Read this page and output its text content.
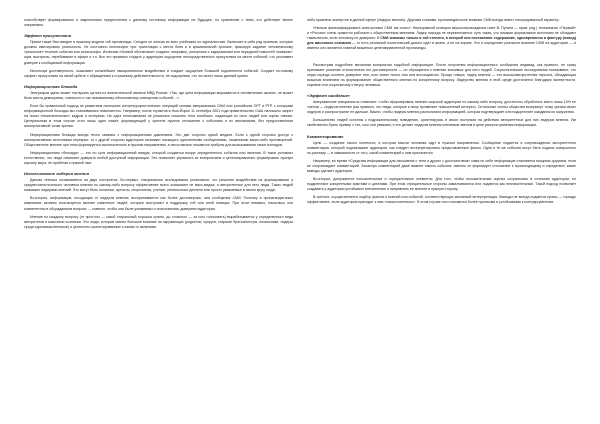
способствует формированию и закреплению предпочтения к данному источнику информации на будущее, по сравнению с теми, кто действует менее оперативно.

Эффект присутствия

Прием также был введен в практику модели той пропаганды. Сегодня он описан во всех учебниках по журналистике. Включает в себя ряд приемов, которые должны имитировать реальность. Их постоянно используют при трансляции с места боев и в криминальной хронике, фиксируя задание человеческому «реальное» течение события или катастрофы. Иллюзию «боевой обстановки» создают, например, репортажи с задержанием или передачей новостей «живьем»: шум, выстрелы, перебивание в эфире и т.п. Все это призвано создать у аудитории ощущение непосредственного присутствия на месте событий, что усиливает доверие к сообщаемой информации.

Используя достоверность, оказывает сильнейшее эмоциональное воздействие и создает ощущение большей подлинности событий. Создает по-новому эффект присутствия на своей орбите с обращением к страшному действительности, не подозревая, что это всего лишь данный прием.

Информационная блокада

Эпиграфом здесь может послужить цитата из аналитической записки МВД России: «Так, где цена информации выражается в человеческих жизнях, не может быть места демократии, гласности и так называемому объективному освещению событий…».

Если бы правильный подход за развитием нынешних контртеррористических операций силами американских СМИ или российских ОРТ и РТР, с которыми информационной блокады мы сталкиваемся повсеместно. Например, после терактов в Нью-Йорке 11 сентября 2001 года правительство США наложило запрет на показ «нежелательных» кадров и интервью. Ни одна телекомпания не решилась показать тела погибших, падающих из окон людей или сцены паники. Центральным в этом случае стал лишь один сюжет, формирующий у зрителя нужное отношение к событиям и их виновникам, без предоставления альтернативной точки зрения.

Информационная блокада всегда тесно связана с информационным давлением. Это две стороны одной медали. Если с одной стороны доступ к альтернативным источникам перекрыт, то с другой стороны аудиторию начинают насыщать однотипными сообщениями, лишенными каких-либо противоречий. Общественное мнение при этом формируется исключительно в нужном направлении, а несогласные лишаются трибуны для высказывания своих взглядов.

Информационная «блокада» — это по сути информационный вакуум, который создается вокруг определенного события или явления. В таких условиях естественно, что люди начинают доверять любой доступной информации. Это позволяет управлять их восприятием и целенаправленно формировать нужную картину мира, не прибегая к прямой лжи.

Использование лидеров мнения

Данная техника основывается на двух постулатах. Во-первых, специальные исследования установили, что решение воздействия на формирование у среднестатистического человека мнения по какому-либо вопросу эффективнее всего оказывают не масс-медиа, а авторитетные для него люди. Таких людей называют лидерами мнений. Это могут быть политики, артисты, спортсмены, ученые, религиозные деятели или просто уважаемые в своем кругу люди.

Во-вторых, информация, исходящая от лидеров мнения, воспринимается как более достоверная, чем сообщения СМИ. Поэтому в пропагандистских кампаниях активно используется мнение известных людей, которые выступают в поддержку той или иной позиции. При этом неважно, насколько они компетентны в обсуждаемом вопросе — главное, чтобы они были узнаваемы и пользовались доверием аудитории.

Мнение по каждому вопросу (от простого — какой стиральный порошок купить, до сложного — за кого голосовать) вырабатывается у определенного вида авторитетов в массовом сознании. Это люди, которые имеют большое влияние на окружающих (родители, супруги, старшие братья/сестры, начальники, лидеры среди единомышленников) и ценностно-ориентированные к каким-то явлениям.

либо привлечь экспертов в данной сфере (лидеры мнения). Другими словами, пропагандистское влияние СМИ всегда имеет опосредованный характер.

«Нельзя фальсифицировать электронные СМИ так тонко». Неразрывной оговорки звукосопровождения газет В. Путина — прим. ред.) телеканалы «Первый» и «Россия» очень грамотно работали с общественным мнением. Лидер никогда не переключается: суть такая, что никакие формальные источники не обладают таким весом, если человеку не доверяют. И СМИ значимы только в той степени, в которой они поставляют содержание, одновременно и фактуру (повод) для массового сознания — то есть реальный политический диалог идет в жизни, а не на экране. Это и определяет реальное влияние СМИ на аудиторию — и именно оно является главной мишенью целенаправленной пропаганды.

Рассмотрим подробнее механизм восприятия подобной информации. После получения информационного сообщения индивид, как правило, не сразу принимает решение относительно его достоверности — он обращается к мнению значимых для него людей. Социологические исследования показывают, что люди гораздо охотнее доверяют тем, кого знают лично или кем восхищаются. Проще говоря, лидер мнения — это высокоавторитетная персона, обладающая мощным влиянием на формирование общественного мнения по конкретному вопросу. Лидерство мнения в этой среде достигается благодаря экспертности, харизме или социальному статусу человека.

«Эффект ожидания»

Американские специалисты отмечают: чтобы сформировать мнение широкой аудитории по какому-либо вопросу, достаточно обработать всего лишь 10% ее членов — лидеров мнения (как правило, это люди, которые к нему проявляют повышенный интерес). Остальные члены общества воспримут точку зрения своих лидеров и распространят ее дальше. Важно, чтобы лидеры мнения располагали информацией, которая подтверждает или подкрепляет ожидания их окружения.

Большинство людей склонны к подражательному поведению, ориентируясь в своих поступках на действия авторитетных для них лидеров мнения. Им свойственно брать пример с тех, кого они уважают, и это делает лидеров мнения ключевым звеном в цепи распространения информации.

Комментирование

Цель — создание такого контекста, в котором мысли человека идут в нужном направлении. Сообщение подается в сопровождении авторитетного комментария, который подсказывает аудитории, как следует интерпретировать представленные факты. Одни и те же события могут быть поданы совершенно по-разному — в зависимости от того, какой комментарий к ним прилагается.

Например, во время «Средства информации для изложения с тени и других с достоинством» сама по себе информация становится мощным оружием, если ее сопровождает комментарий. Зачастую комментарий даже важнее самого события: именно он формирует отношение к происходящему и определяет, какие выводы сделает аудитория.

Во-вторых, допускаются положительные и отрицательные элементы. Для того, чтобы положительная оценка сохранилась в сознании аудитории, ее подкрепляют конкретными фактами и цитатами. При этом отрицательные стороны замалчиваются или подаются как незначительные. Такой подход позволяет создавать у аудитории устойчивое впечатление и направлять ее мнение в нужную сторону.

В-третьих, осуществляется подбор фактов и мнений или событий, соответствующих желаемой интерпретации. Выводы не всегда подаются прямо — гораздо эффективнее, если аудитория приходит к ним «самостоятельно». В этом случае они становятся более прочными и устойчивыми к контраргументам.
